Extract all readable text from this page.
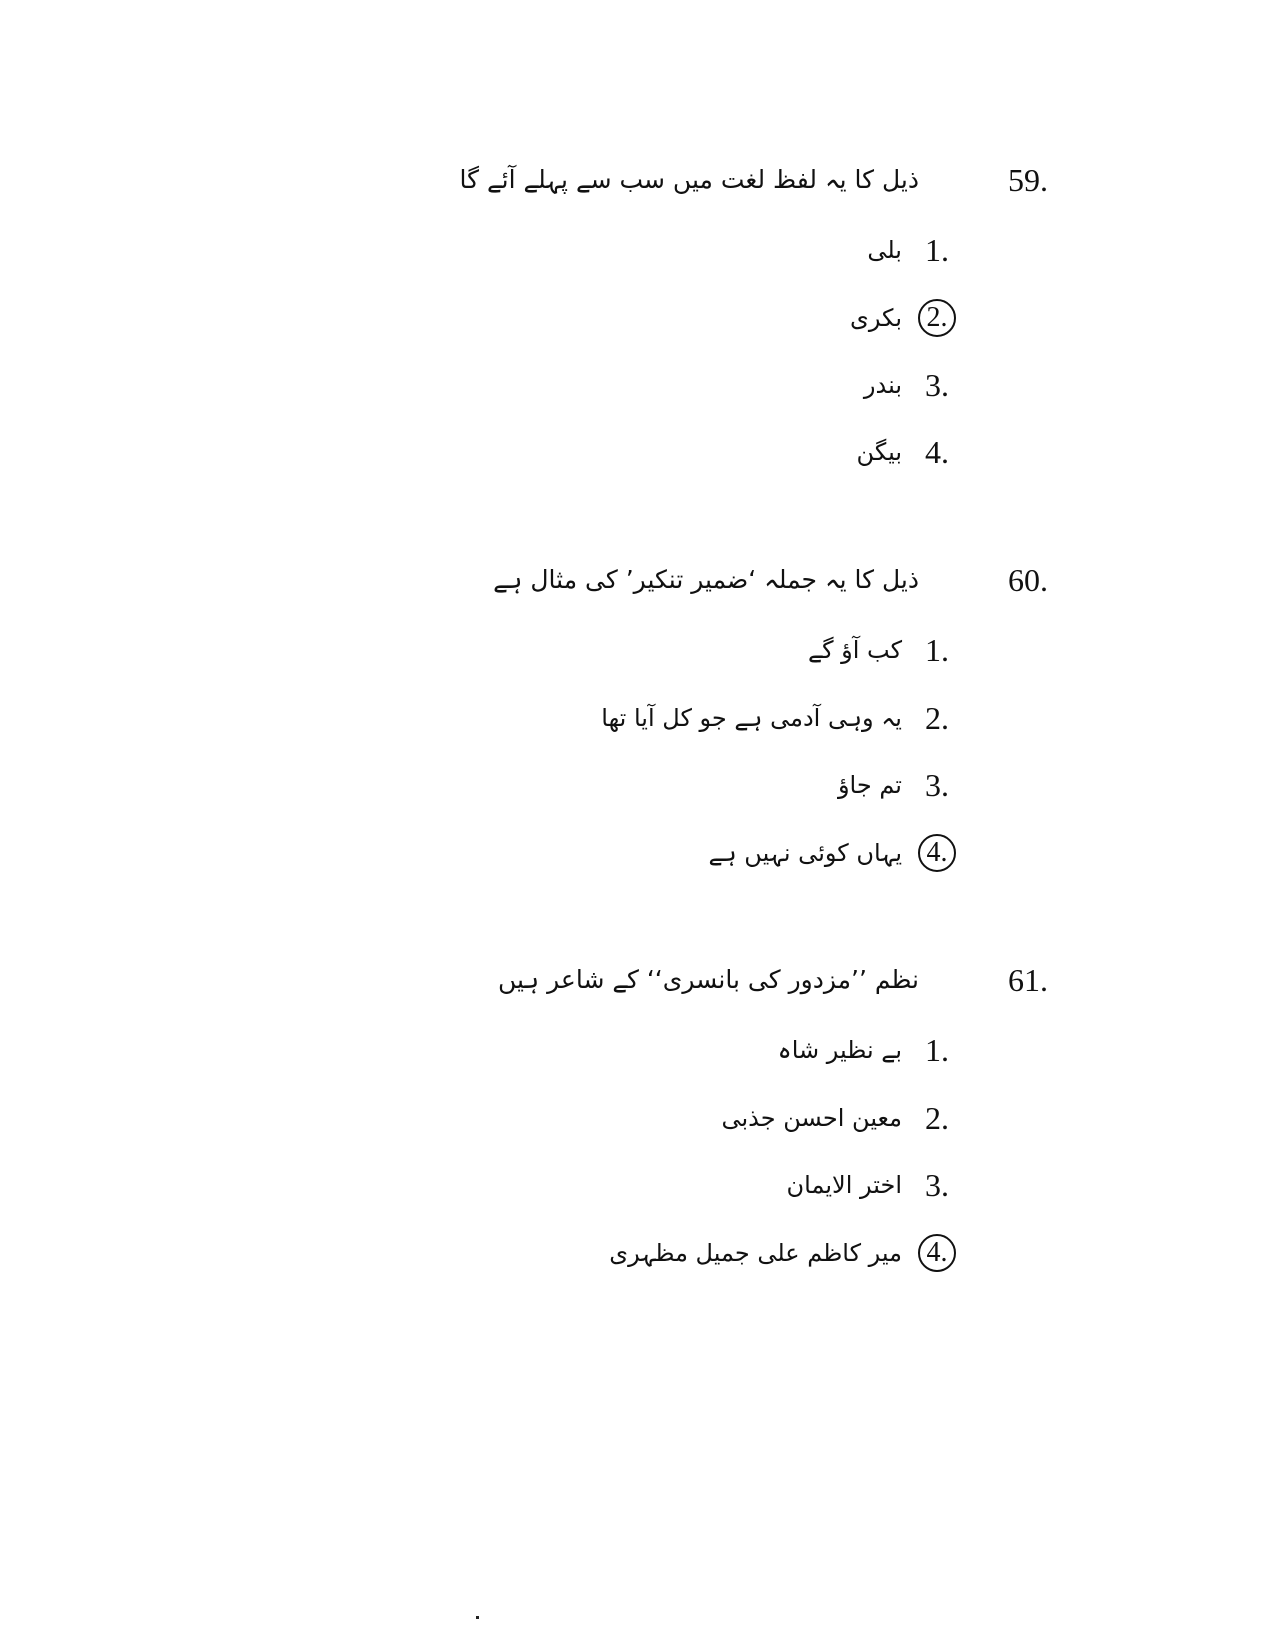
59.
ذیل کا یہ لفظ لغت میں سب سے پہلے آئے گا
1.
بلی
2.
بکری
3.
بندر
4.
بیگن
60.
ذیل کا یہ جملہ ‘ضمیر تنکیر’ کی مثال ہے
1.
کب آؤ گے
2.
یہ وہی آدمی ہے جو کل آیا تھا
3.
تم جاؤ
4.
یہاں کوئی نہیں ہے
61.
نظم ’’مزدور کی بانسری‘‘ کے شاعر ہیں
1.
بے نظیر شاہ
2.
معین احسن جذبی
3.
اختر الایمان
4.
میر کاظم علی جمیل مظہری
